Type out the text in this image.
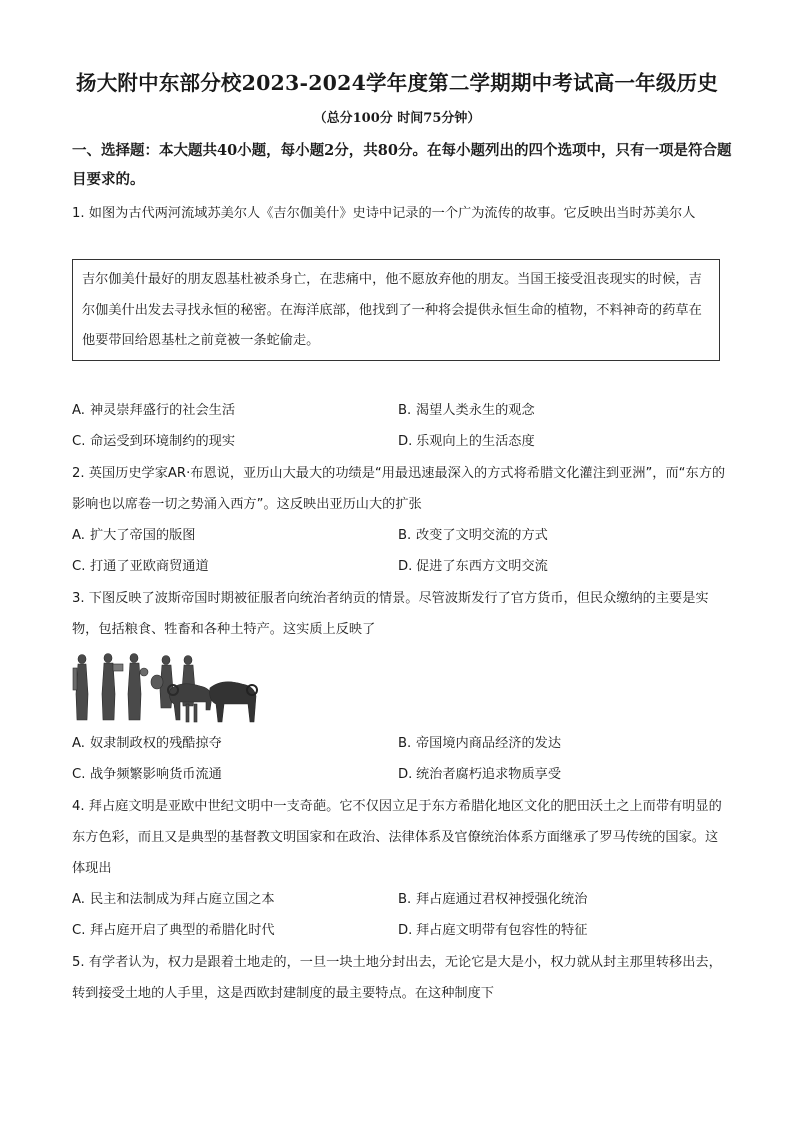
扬大附中东部分校2023-2024学年度第二学期期中考试高一年级历史
（总分100分 时间75分钟）
一、选择题：本大题共40小题，每小题2分，共80分。在每小题列出的四个选项中，只有一项是符合题目要求的。
1. 如图为古代两河流域苏美尔人《吉尔伽美什》史诗中记录的一个广为流传的故事。它反映出当时苏美尔人
吉尔伽美什最好的朋友恩基杜被杀身亡，在悲痛中，他不愿放弃他的朋友。当国王接受沮丧现实的时候，吉尔伽美什出发去寻找永恒的秘密。在海洋底部，他找到了一种将会提供永恒生命的植物，不料神奇的药草在他要带回给恩基杜之前竟被一条蛇偷走。
A. 神灵崇拜盛行的社会生活	B. 渴望人类永生的观念
C. 命运受到环境制约的现实	D. 乐观向上的生活态度
2. 英国历史学家AR·布恩说，亚历山大最大的功绩是“用最迅速最深入的方式将希腊文化灌注到亚洲”，而“东方的影响也以席卷一切之势涌入西方”。这反映出亚历山大的扩张
A. 扩大了帝国的版图	B. 改变了文明交流的方式
C. 打通了亚欧商贸通道	D. 促进了东西方文明交流
3. 下图反映了波斯帝国时期被征服者向统治者纳贡的情景。尽管波斯发行了官方货币，但民众缴纳的主要是实物，包括粮食、牲畜和各种土特产。这实质上反映了
A. 奴隶制政权的残酷掠夺	B. 帝国境内商品经济的发达
C. 战争频繁影响货币流通	D. 统治者腐朽追求物质享受
4. 拜占庭文明是亚欧中世纪文明中一支奇葩。它不仅因立足于东方希腊化地区文化的肥田沃土之上而带有明显的东方色彩，而且又是典型的基督教文明国家和在政治、法律体系及官僚统治体系方面继承了罗马传统的国家。这体现出
A. 民主和法制成为拜占庭立国之本	B. 拜占庭通过君权神授强化统治
C. 拜占庭开启了典型的希腊化时代	D. 拜占庭文明带有包容性的特征
5. 有学者认为，权力是跟着土地走的，一旦一块土地分封出去，无论它是大是小，权力就从封主那里转移出去，转到接受土地的人手里，这是西欧封建制度的最主要特点。在这种制度下
